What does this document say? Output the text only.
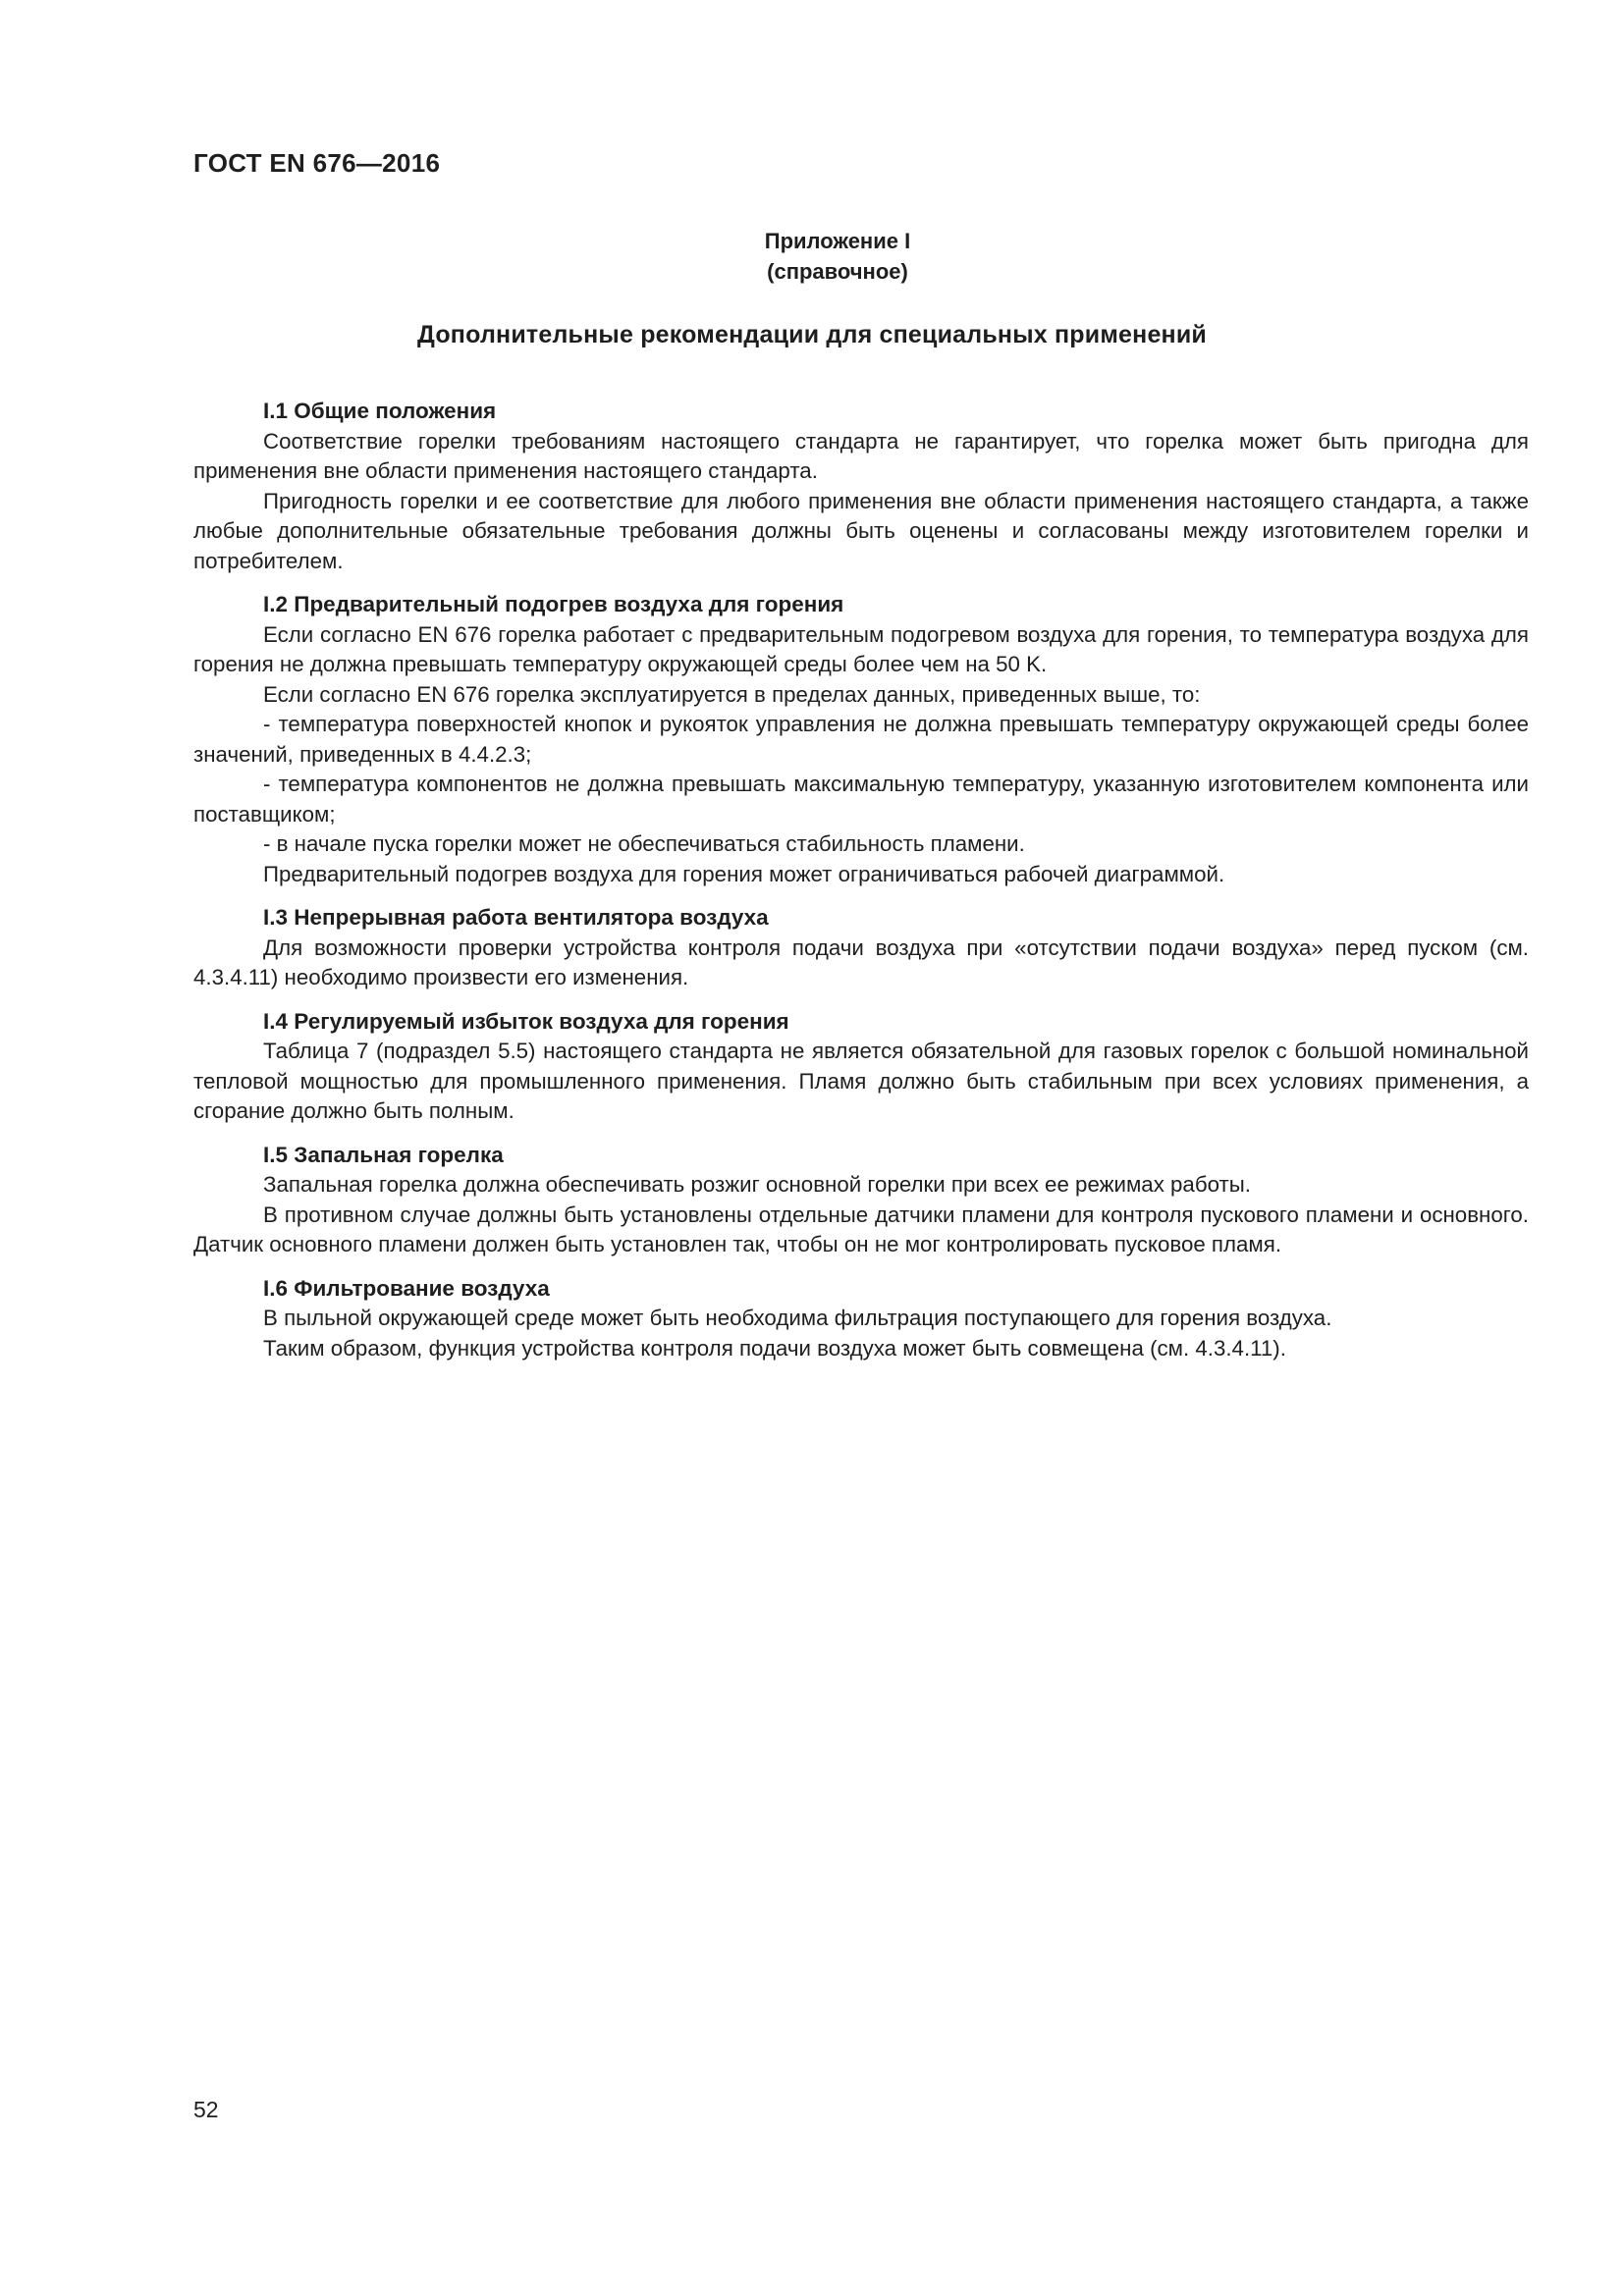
ГОСТ EN 676—2016
Приложение I
(справочное)
Дополнительные рекомендации для специальных применений
I.1 Общие положения

Соответствие горелки требованиям настоящего стандарта не гарантирует, что горелка может быть пригодна для применения вне области применения настоящего стандарта.

Пригодность горелки и ее соответствие для любого применения вне области применения настоящего стандарта, а также любые дополнительные обязательные требования должны быть оценены и согласованы между изготовителем горелки и потребителем.

I.2 Предварительный подогрев воздуха для горения

Если согласно EN 676 горелка работает с предварительным подогревом воздуха для горения, то температура воздуха для горения не должна превышать температуру окружающей среды более чем на 50 K.

Если согласно EN 676 горелка эксплуатируется в пределах данных, приведенных выше, то:

- температура поверхностей кнопок и рукояток управления не должна превышать температуру окружающей среды более значений, приведенных в 4.4.2.3;

- температура компонентов не должна превышать максимальную температуру, указанную изготовителем компонента или поставщиком;

- в начале пуска горелки может не обеспечиваться стабильность пламени.

Предварительный подогрев воздуха для горения может ограничиваться рабочей диаграммой.

I.3 Непрерывная работа вентилятора воздуха

Для возможности проверки устройства контроля подачи воздуха при «отсутствии подачи воздуха» перед пуском (см. 4.3.4.11) необходимо произвести его изменения.

I.4 Регулируемый избыток воздуха для горения

Таблица 7 (подраздел 5.5) настоящего стандарта не является обязательной для газовых горелок с большой номинальной тепловой мощностью для промышленного применения. Пламя должно быть стабильным при всех условиях применения, а сгорание должно быть полным.

I.5 Запальная горелка

Запальная горелка должна обеспечивать розжиг основной горелки при всех ее режимах работы.

В противном случае должны быть установлены отдельные датчики пламени для контроля пускового пламени и основного. Датчик основного пламени должен быть установлен так, чтобы он не мог контролировать пусковое пламя.

I.6 Фильтрование воздуха

В пыльной окружающей среде может быть необходима фильтрация поступающего для горения воздуха.

Таким образом, функция устройства контроля подачи воздуха может быть совмещена (см. 4.3.4.11).

52
